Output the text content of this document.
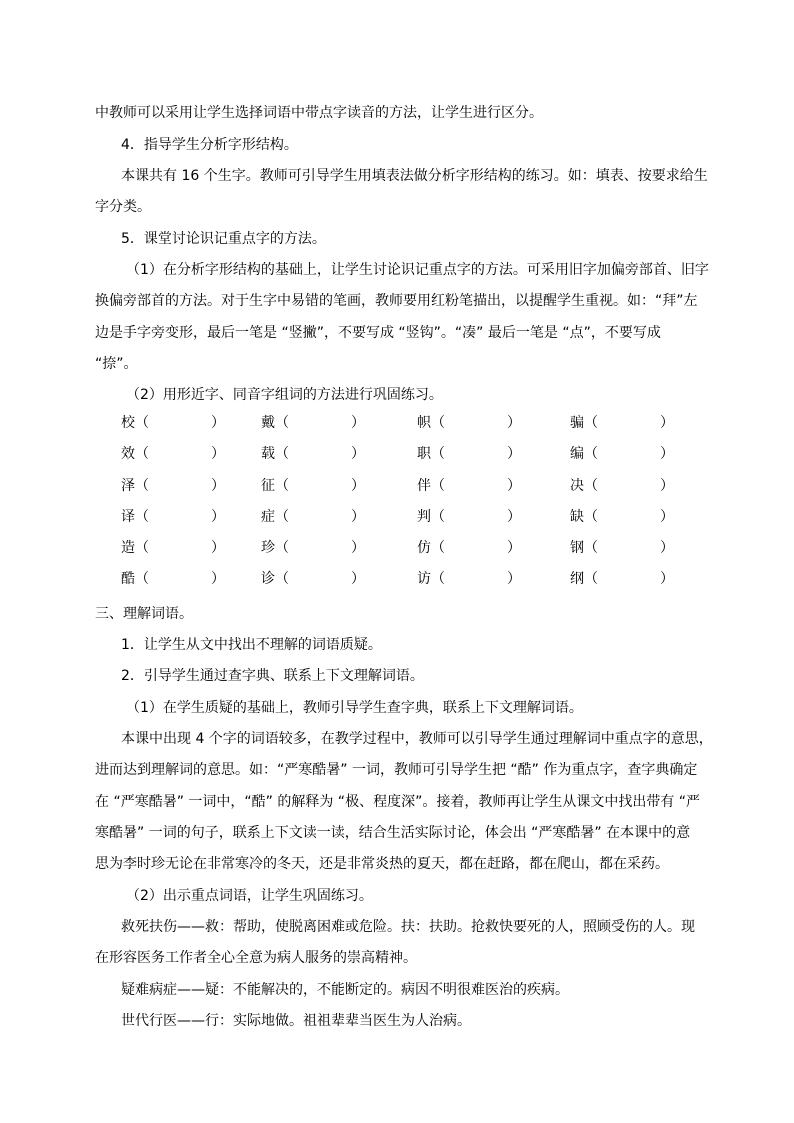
中教师可以采用让学生选择词语中带点字读音的方法，让学生进行区分。
4．指导学生分析字形结构。
本课共有 16 个生字。教师可引导学生用填表法做分析字形结构的练习。如：填表、按要求给生
字分类。
5．课堂讨论识记重点字的方法。
（1）在分析字形结构的基础上，让学生讨论识记重点字的方法。可采用旧字加偏旁部首、旧字
换偏旁部首的方法。对于生字中易错的笔画，教师要用红粉笔描出，以提醒学生重视。如：“拜”左
边是手字旁变形，最后一笔是 “竖撇”，不要写成 “竖钩”。“凑” 最后一笔是 “点”，不要写成
“捺”。
（2）用形近字、同音字组词的方法进行巩固练习。
校（	）	戴（	）	帜（	）	骗（	）
效（	）	载（	）	职（	）	编（	）
泽（	）	征（	）	伴（	）	决（	）
译（	）	症（	）	判（	）	缺（	）
造（	）	珍（	）	仿（	）	钢（	）
酷（	）	诊（	）	访（	）	纲（	）
三、理解词语。
1．让学生从文中找出不理解的词语质疑。
2．引导学生通过查字典、联系上下文理解词语。
（1）在学生质疑的基础上，教师引导学生查字典，联系上下文理解词语。
本课中出现 4 个字的词语较多，在教学过程中，教师可以引导学生通过理解词中重点字的意思，
进而达到理解词的意思。如：“严寒酷暑” 一词，教师可引导学生把 “酷” 作为重点字，查字典确定
在 “严寒酷暑” 一词中，“酷” 的解释为 “极、程度深”。接着，教师再让学生从课文中找出带有 “严
寒酷暑” 一词的句子，联系上下文读一读，结合生活实际讨论，体会出 “严寒酷暑” 在本课中的意
思为李时珍无论在非常寒冷的冬天，还是非常炎热的夏天，都在赶路，都在爬山，都在采药。
（2）出示重点词语，让学生巩固练习。
救死扶伤——救：帮助，使脱离困难或危险。扶：扶助。抢救快要死的人，照顾受伤的人。现
在形容医务工作者全心全意为病人服务的崇高精神。
疑难病症——疑：不能解决的，不能断定的。病因不明很难医治的疾病。
世代行医——行：实际地做。祖祖辈辈当医生为人治病。
